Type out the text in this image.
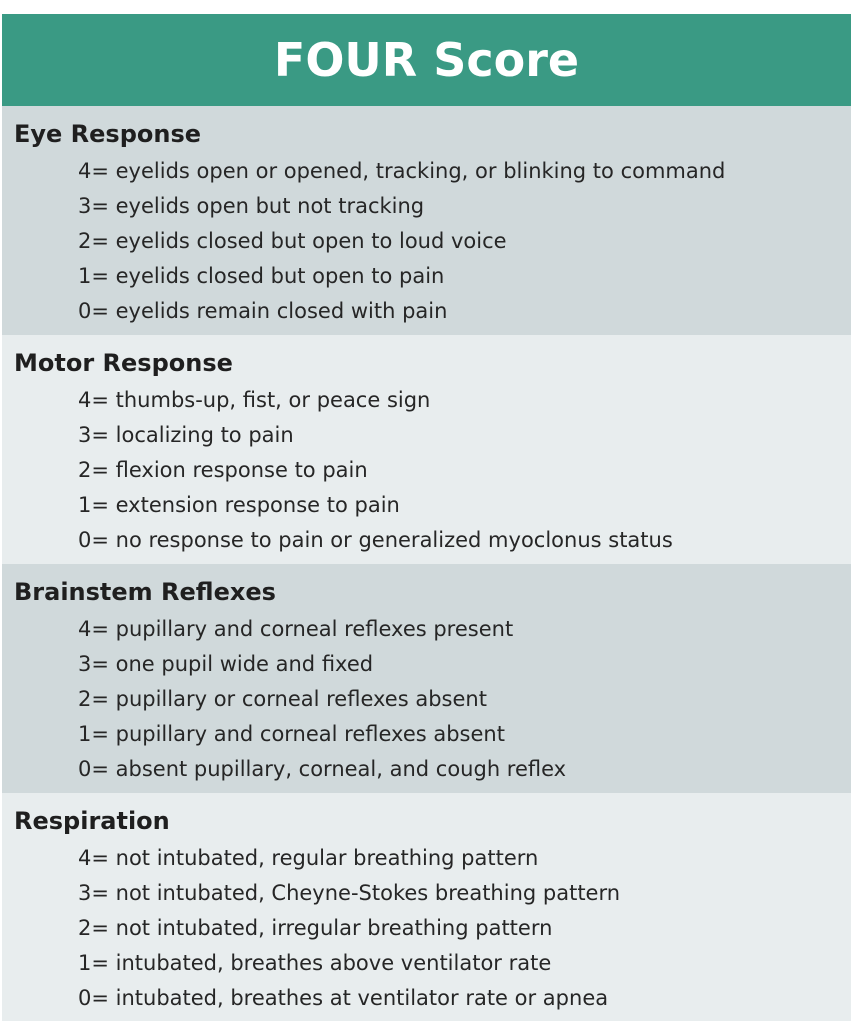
FOUR Score
Eye Response
4= eyelids open or opened, tracking, or blinking to command
3= eyelids open but not tracking
2= eyelids closed but open to loud voice
1= eyelids closed but open to pain
0= eyelids remain closed with pain
Motor Response
4= thumbs-up, fist, or peace sign
3= localizing to pain
2= flexion response to pain
1= extension response to pain
0= no response to pain or generalized myoclonus status
Brainstem Reflexes
4= pupillary and corneal reflexes present
3= one pupil wide and fixed
2= pupillary or corneal reflexes absent
1= pupillary and corneal reflexes absent
0= absent pupillary, corneal, and cough reflex
Respiration
4= not intubated, regular breathing pattern
3= not intubated, Cheyne-Stokes breathing pattern
2= not intubated, irregular breathing pattern
1= intubated, breathes above ventilator rate
0= intubated, breathes at ventilator rate or apnea
